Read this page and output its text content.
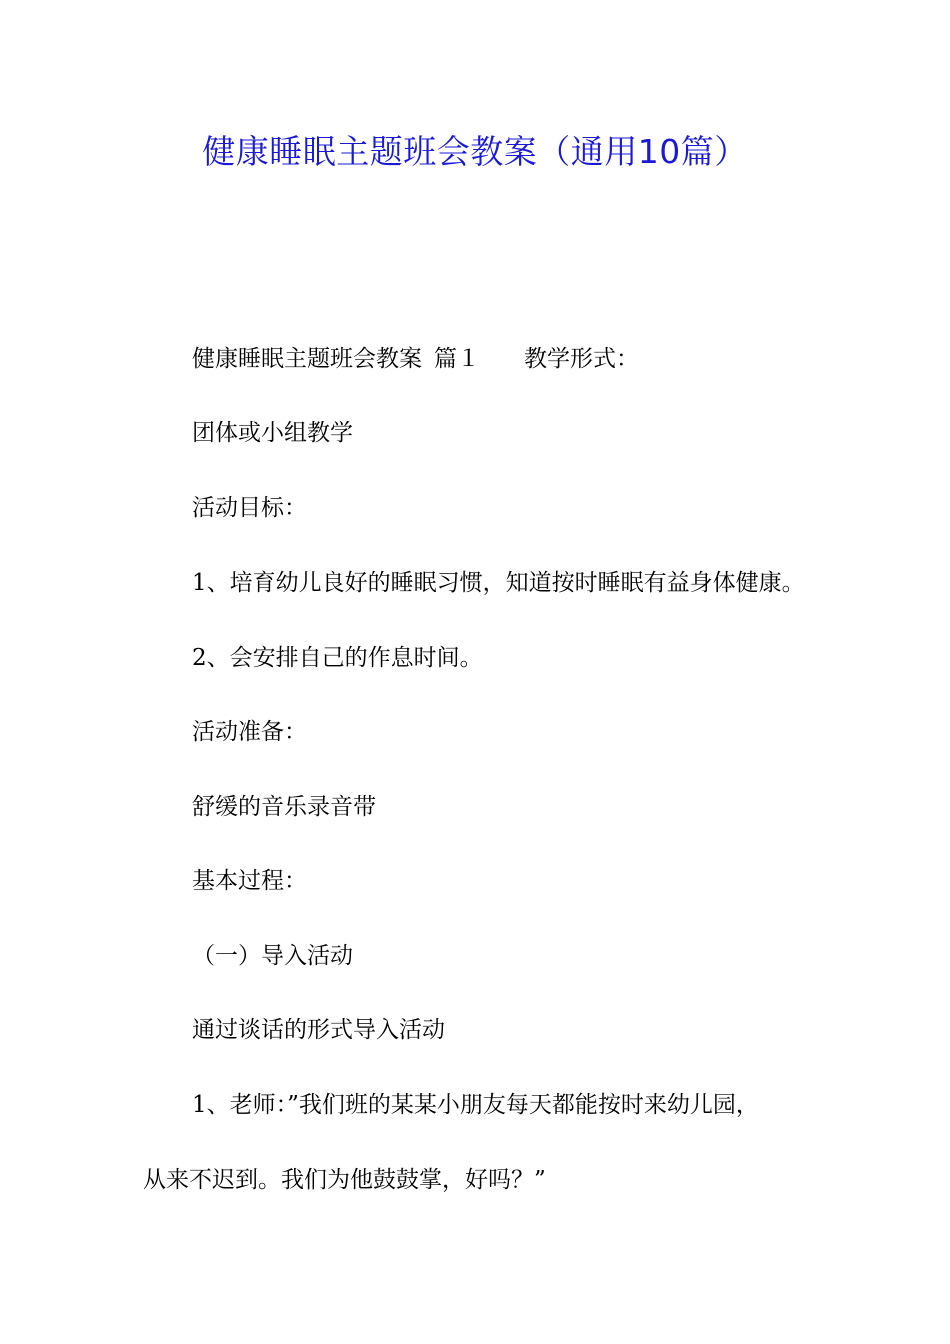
健康睡眠主题班会教案（通用10篇）
健康睡眠主题班会教案 篇１ 教学形式：
团体或小组教学
活动目标：
1、培育幼儿良好的睡眠习惯，知道按时睡眠有益身体健康。
2、会安排自己的作息时间。
活动准备：
舒缓的音乐录音带
基本过程：
（一）导入活动
通过谈话的形式导入活动
1、老师：”我们班的某某小朋友每天都能按时来幼儿园，
从来不迟到。我们为他鼓鼓掌，好吗？”
